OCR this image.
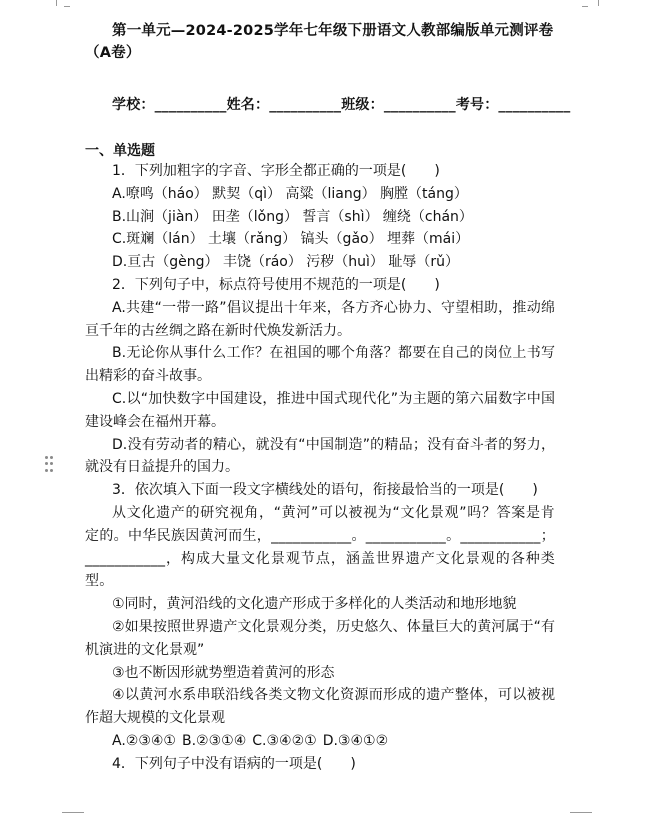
第一单元—2024-2025学年七年级下册语文人教部编版单元测评卷（A卷）

学校：__________姓名：__________班级：__________考号：__________
一、单选题

1．下列加粗字的字音、字形全都正确的一项是(　　)

A.嘹鸣（háo） 默契（qì） 高粱（liang） 胸膛（táng）

B.山涧（jiàn） 田垄（lǒng） 誓言（shì） 缠绕（chán）

C.斑斓（lán） 土壤（rǎng） 镐头（gǎo） 埋葬（mái）

D.亘古（gèng） 丰饶（ráo） 污秽（huì） 耻辱（rǔ）

2．下列句子中，标点符号使用不规范的一项是(　　)

A.共建“一带一路”倡议提出十年来，各方齐心协力、守望相助，推动绵亘千年的古丝绸之路在新时代焕发新活力。

B.无论你从事什么工作？在祖国的哪个角落？都要在自己的岗位上书写出精彩的奋斗故事。

C.以“加快数字中国建设，推进中国式现代化”为主题的第六届数字中国建设峰会在福州开幕。

D.没有劳动者的精心，就没有“中国制造”的精品；没有奋斗者的努力，就没有日益提升的国力。

3．依次填入下面一段文字横线处的语句，衔接最恰当的一项是(　　)

从文化遗产的研究视角，“黄河”可以被视为“文化景观”吗？答案是肯定的。中华民族因黄河而生，___________。___________。___________；___________，构成大量文化景观节点，涵盖世界遗产文化景观的各种类型。

①同时，黄河沿线的文化遗产形成于多样化的人类活动和地形地貌

②如果按照世界遗产文化景观分类，历史悠久、体量巨大的黄河属于“有机演进的文化景观”

③也不断因形就势塑造着黄河的形态

④以黄河水系串联沿线各类文物文化资源而形成的遗产整体，可以被视作超大规模的文化景观

A.②③④① B.②③①④ C.③④②① D.③④①②

4．下列句子中没有语病的一项是(　　)
